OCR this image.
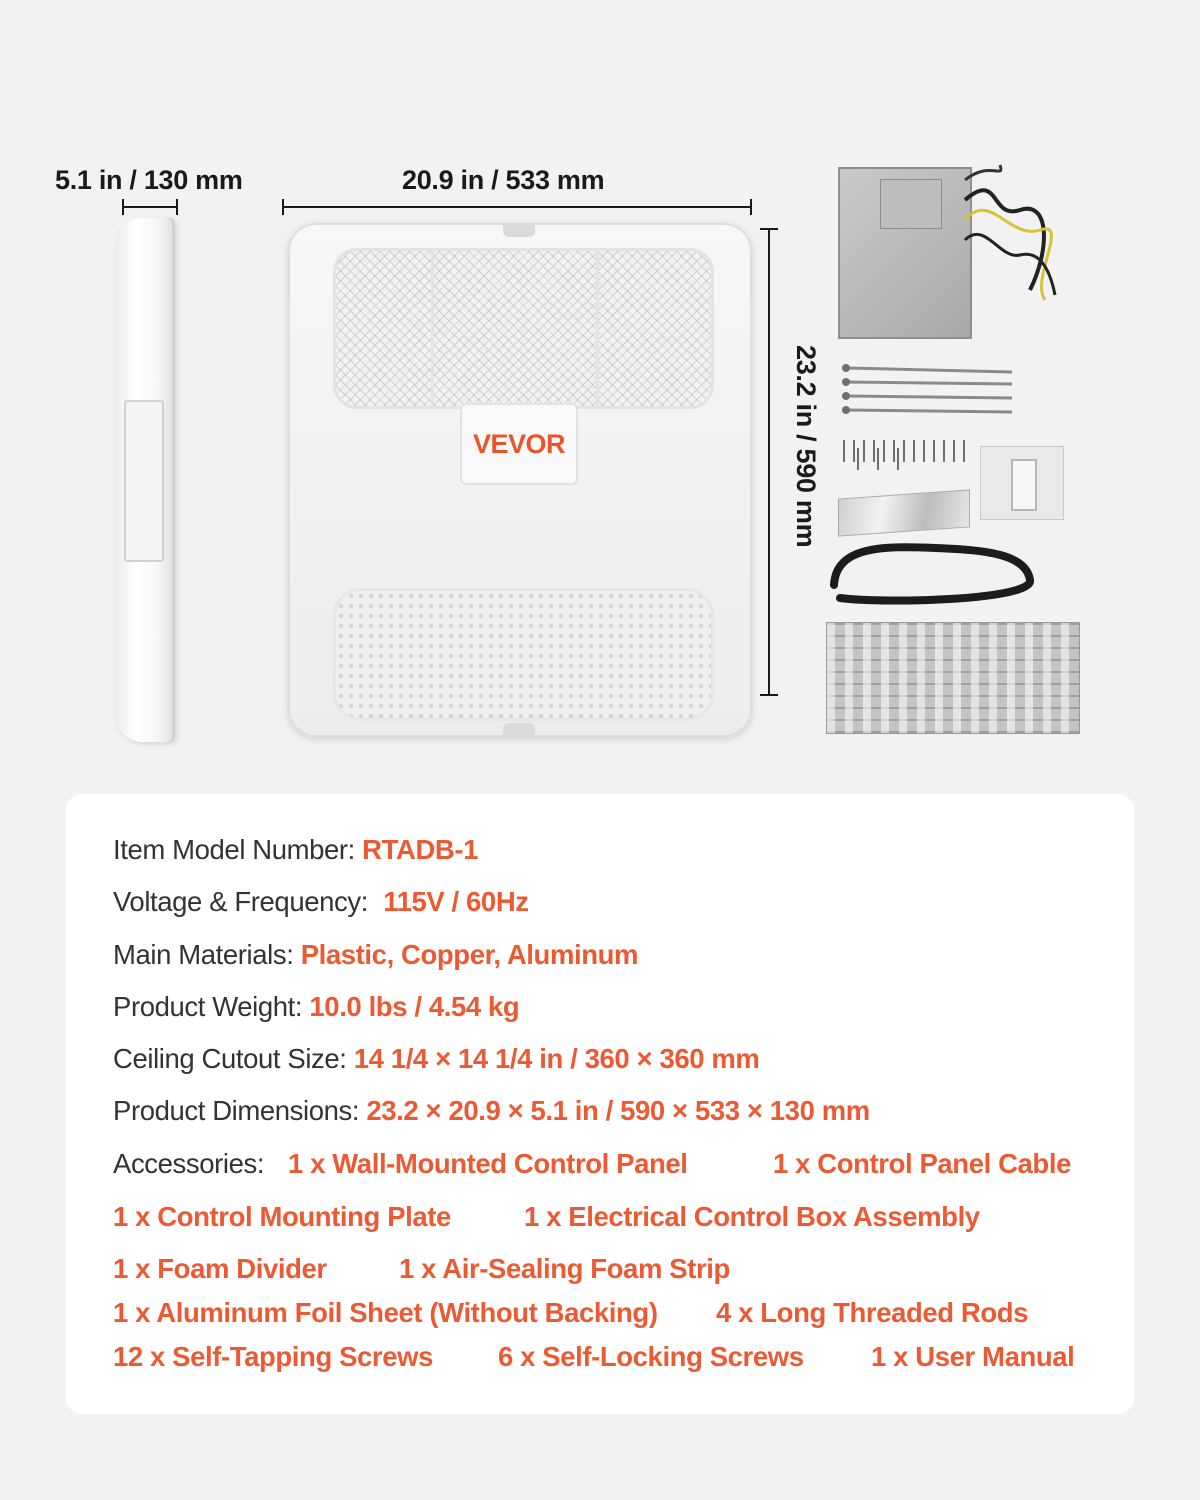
5.1 in / 130 mm	20.9 in / 533 mm
23.2 in / 590 mm
VEVOR
Item Model Number: RTADB-1
Voltage & Frequency: 115V / 60Hz
Main Materials: Plastic, Copper, Aluminum
Product Weight: 10.0 lbs / 4.54 kg
Ceiling Cutout Size: 14 1/4 × 14 1/4 in / 360 × 360 mm
Product Dimensions: 23.2 × 20.9 × 5.1 in / 590 × 533 × 130 mm
Accessories: 1 x Wall-Mounted Control Panel	1 x Control Panel Cable
1 x Control Mounting Plate	1 x Electrical Control Box Assembly
1 x Foam Divider	1 x Air-Sealing Foam Strip
1 x Aluminum Foil Sheet (Without Backing) 4 x Long Threaded Rods
12 x Self-Tapping Screws 6 x Self-Locking Screws 1 x User Manual
